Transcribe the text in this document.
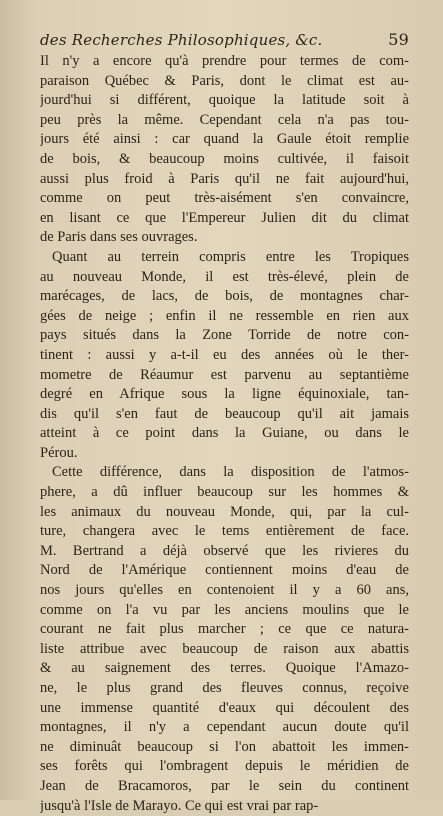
des Recherches Philosophiques, &c.	59
Il n'y a encore qu'à prendre pour termes de com-
paraison Québec & Paris, dont le climat est au-
jourd'hui si différent, quoique la latitude soit à
peu près la même. Cependant cela n'a pas tou-
jours été ainsi : car quand la Gaule étoit remplie
de bois, & beaucoup moins cultivée, il faisoit
aussi plus froid à Paris qu'il ne fait aujourd'hui,
comme on peut très-aisément s'en convaincre,
en lisant ce que l'Empereur Julien dit du climat
de Paris dans ses ouvrages.
Quant au terrein compris entre les Tropiques
au nouveau Monde, il est très-élevé, plein de
marécages, de lacs, de bois, de montagnes char-
gées de neige ; enfin il ne ressemble en rien aux
pays situés dans la Zone Torride de notre con-
tinent : aussi y a-t-il eu des années où le ther-
mometre de Réaumur est parvenu au septantième
degré en Afrique sous la ligne équinoxiale, tan-
dis qu'il s'en faut de beaucoup qu'il ait jamais
atteint à ce point dans la Guiane, ou dans le
Pérou.
Cette différence, dans la disposition de l'atmos-
phere, a dû influer beaucoup sur les hommes &
les animaux du nouveau Monde, qui, par la cul-
ture, changera avec le tems entièrement de face.
M. Bertrand a déjà observé que les rivieres du
Nord de l'Amérique contiennent moins d'eau de
nos jours qu'elles en contenoient il y a 60 ans,
comme on l'a vu par les anciens moulins que le
courant ne fait plus marcher ; ce que ce natura-
liste attribue avec beaucoup de raison aux abattis
& au saignement des terres. Quoique l'Amazo-
ne, le plus grand des fleuves connus, reçoive
une immense quantité d'eaux qui découlent des
montagnes, il n'y a cependant aucun doute qu'il
ne diminuât beaucoup si l'on abattoit les immen-
ses forêts qui l'ombragent depuis le méridien de
Jean de Bracamoros, par le sein du continent
jusqu'à l'Isle de Marayo. Ce qui est vrai par rap-
